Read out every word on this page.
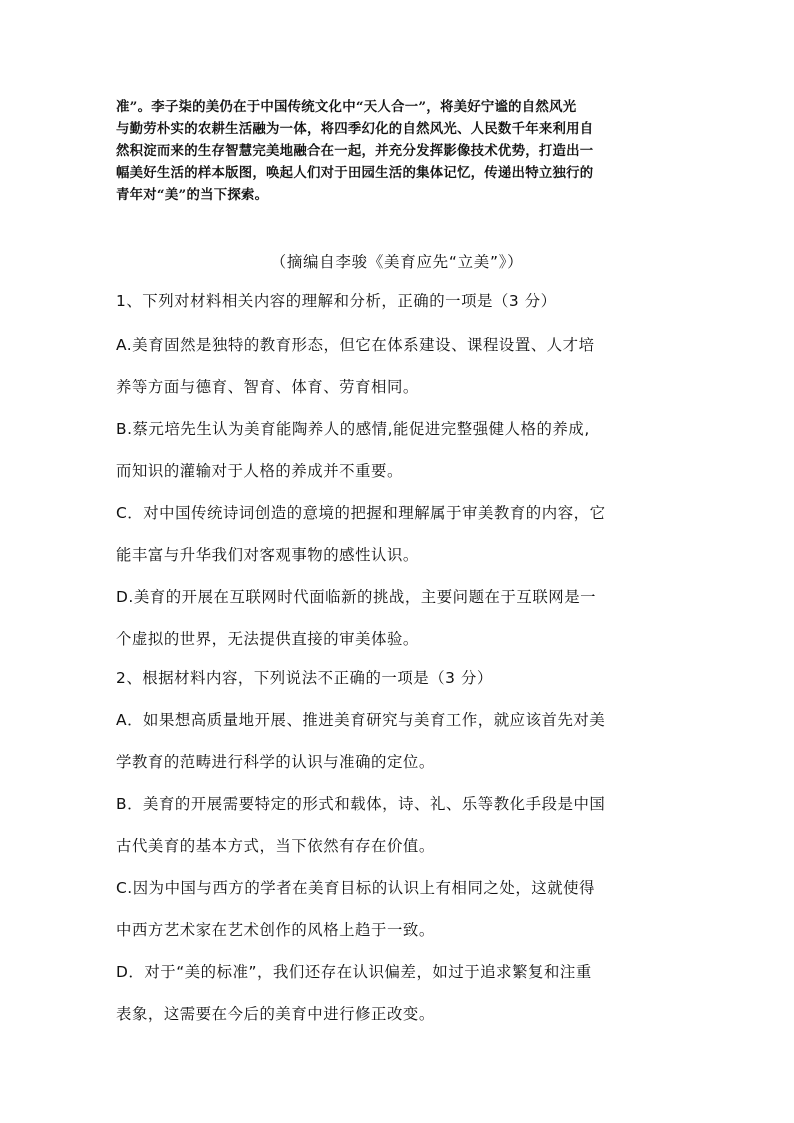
准”。李子柒的美仍在于中国传统文化中“天人合一”，将美好宁谧的自然风光
与勤劳朴实的农耕生活融为一体，将四季幻化的自然风光、人民数千年来利用自
然积淀而来的生存智慧完美地融合在一起，并充分发挥影像技术优势，打造出一
幅美好生活的样本版图，唤起人们对于田园生活的集体记忆，传递出特立独行的
青年对“美”的当下探索。
（摘编自李骏《美育应先“立美”》）
1、下列对材料相关内容的理解和分析，正确的一项是（3 分）
A.美育固然是独特的教育形态，但它在体系建设、课程设置、人才培
养等方面与德育、智育、体育、劳育相同。
B.蔡元培先生认为美育能陶养人的感情,能促进完整强健人格的养成,
而知识的灌输对于人格的养成并不重要。
C．对中国传统诗词创造的意境的把握和理解属于审美教育的内容，它
能丰富与升华我们对客观事物的感性认识。
D.美育的开展在互联网时代面临新的挑战，主要问题在于互联网是一
个虚拟的世界，无法提供直接的审美体验。
2、根据材料内容，下列说法不正确的一项是（3 分）
A．如果想高质量地开展、推进美育研究与美育工作，就应该首先对美
学教育的范畴进行科学的认识与准确的定位。
B．美育的开展需要特定的形式和载体，诗、礼、乐等教化手段是中国
古代美育的基本方式，当下依然有存在价值。
C.因为中国与西方的学者在美育目标的认识上有相同之处，这就使得
中西方艺术家在艺术创作的风格上趋于一致。
D．对于“美的标准”，我们还存在认识偏差，如过于追求繁复和注重
表象，这需要在今后的美育中进行修正改变。
